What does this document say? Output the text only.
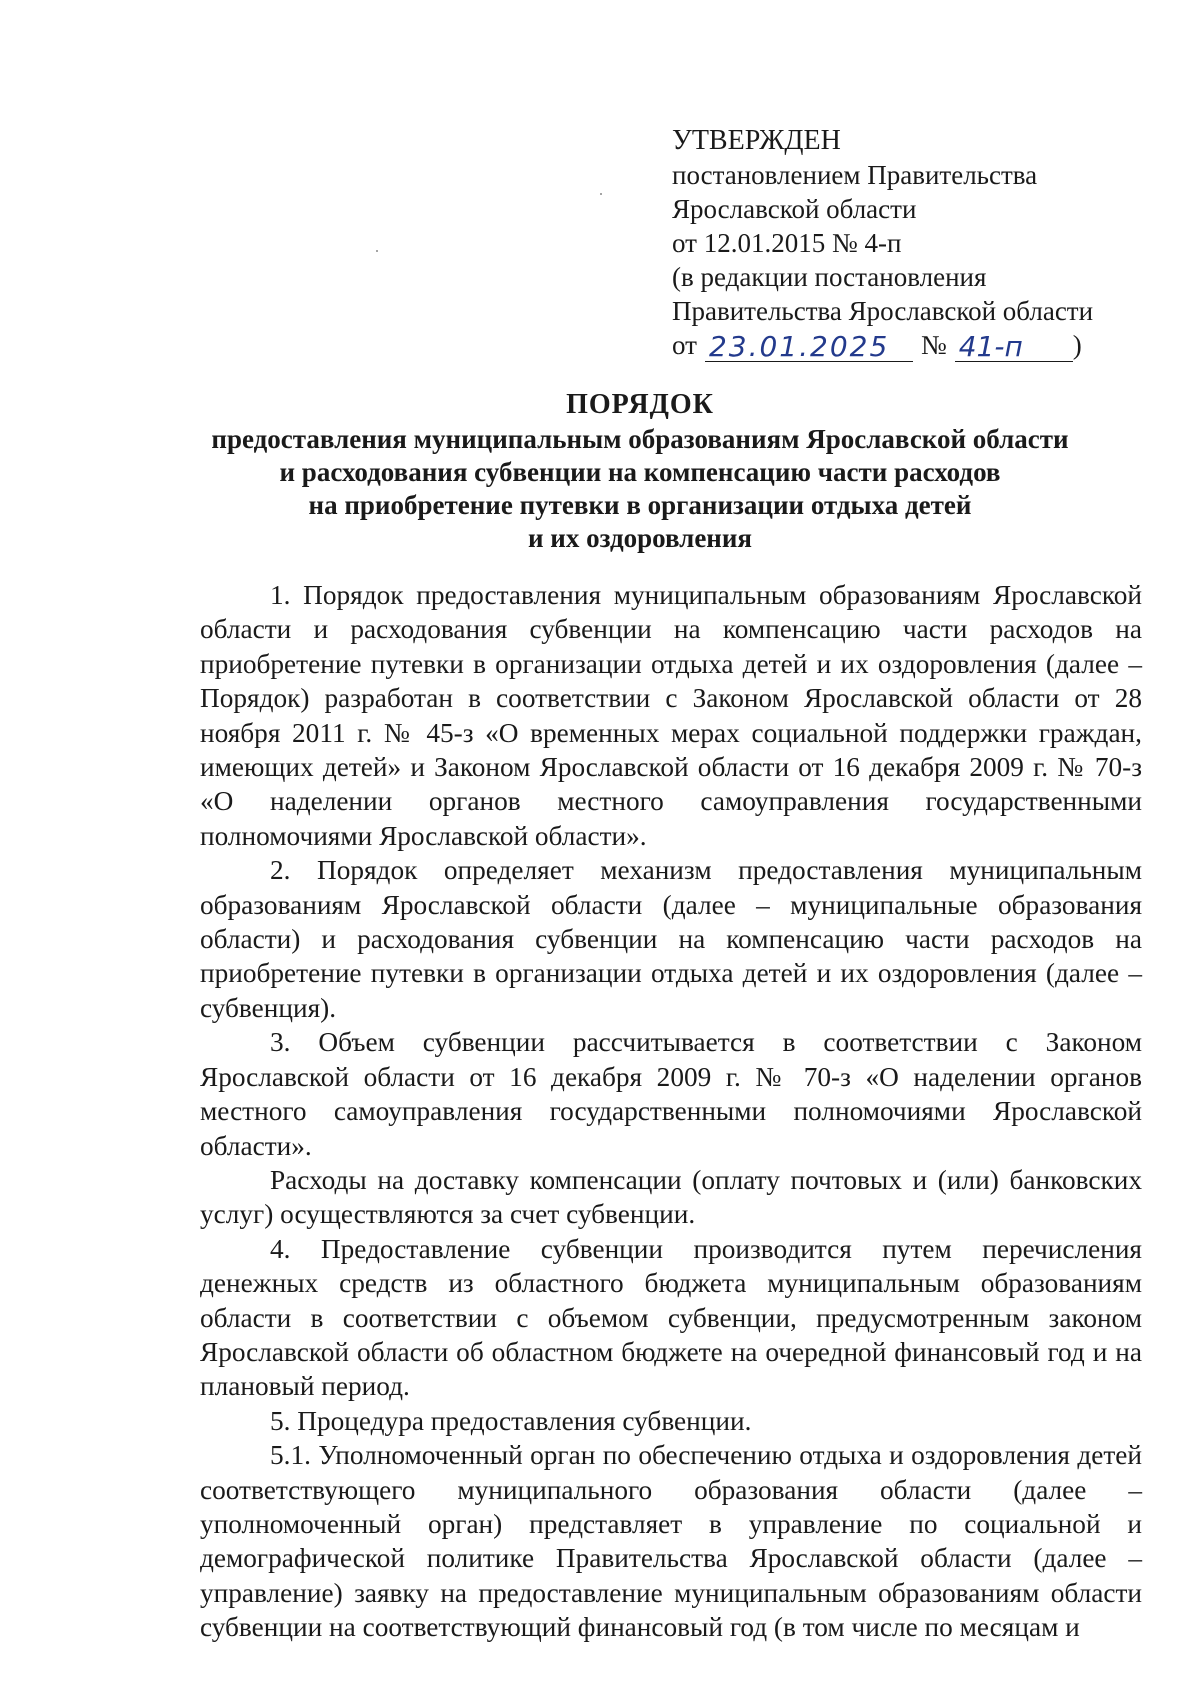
УТВЕРЖДЕН
постановлением Правительства
Ярославской области
от 12.01.2015 № 4-п
(в редакции постановления
Правительства Ярославской области
от 23.01.2025	№ 41-п	)
ПОРЯДОК
предоставления муниципальным образованиям Ярославской области
и расходования субвенции на компенсацию части расходов
на приобретение путевки в организации отдыха детей
и их оздоровления

1. Порядок предоставления муниципальным образованиям Ярославской области и расходования субвенции на компенсацию части расходов на приобретение путевки в организации отдыха детей и их оздоровления (далее – Порядок) разработан в соответствии с Законом Ярославской области от 28 ноября 2011 г. № 45-з «О временных мерах социальной поддержки граждан, имеющих детей» и Законом Ярославской области от 16 декабря 2009 г. № 70-з «О наделении органов местного самоуправления государственными полномочиями Ярославской области».

2. Порядок определяет механизм предоставления муниципальным образованиям Ярославской области (далее – муниципальные образования области) и расходования субвенции на компенсацию части расходов на приобретение путевки в организации отдыха детей и их оздоровления (далее – субвенция).

3. Объем субвенции рассчитывается в соответствии с Законом Ярославской области от 16 декабря 2009 г. № 70-з «О наделении органов местного самоуправления государственными полномочиями Ярославской области».

Расходы на доставку компенсации (оплату почтовых и (или) банковских услуг) осуществляются за счет субвенции.

4. Предоставление субвенции производится путем перечисления денежных средств из областного бюджета муниципальным образованиям области в соответствии с объемом субвенции, предусмотренным законом Ярославской области об областном бюджете на очередной финансовый год и на плановый период.

5. Процедура предоставления субвенции.

5.1. Уполномоченный орган по обеспечению отдыха и оздоровления детей соответствующего муниципального образования области (далее – уполномоченный орган) представляет в управление по социальной и демографической политике Правительства Ярославской области (далее – управление) заявку на предоставление муниципальным образованиям области субвенции на соответствующий финансовый год (в том числе по месяцам и
